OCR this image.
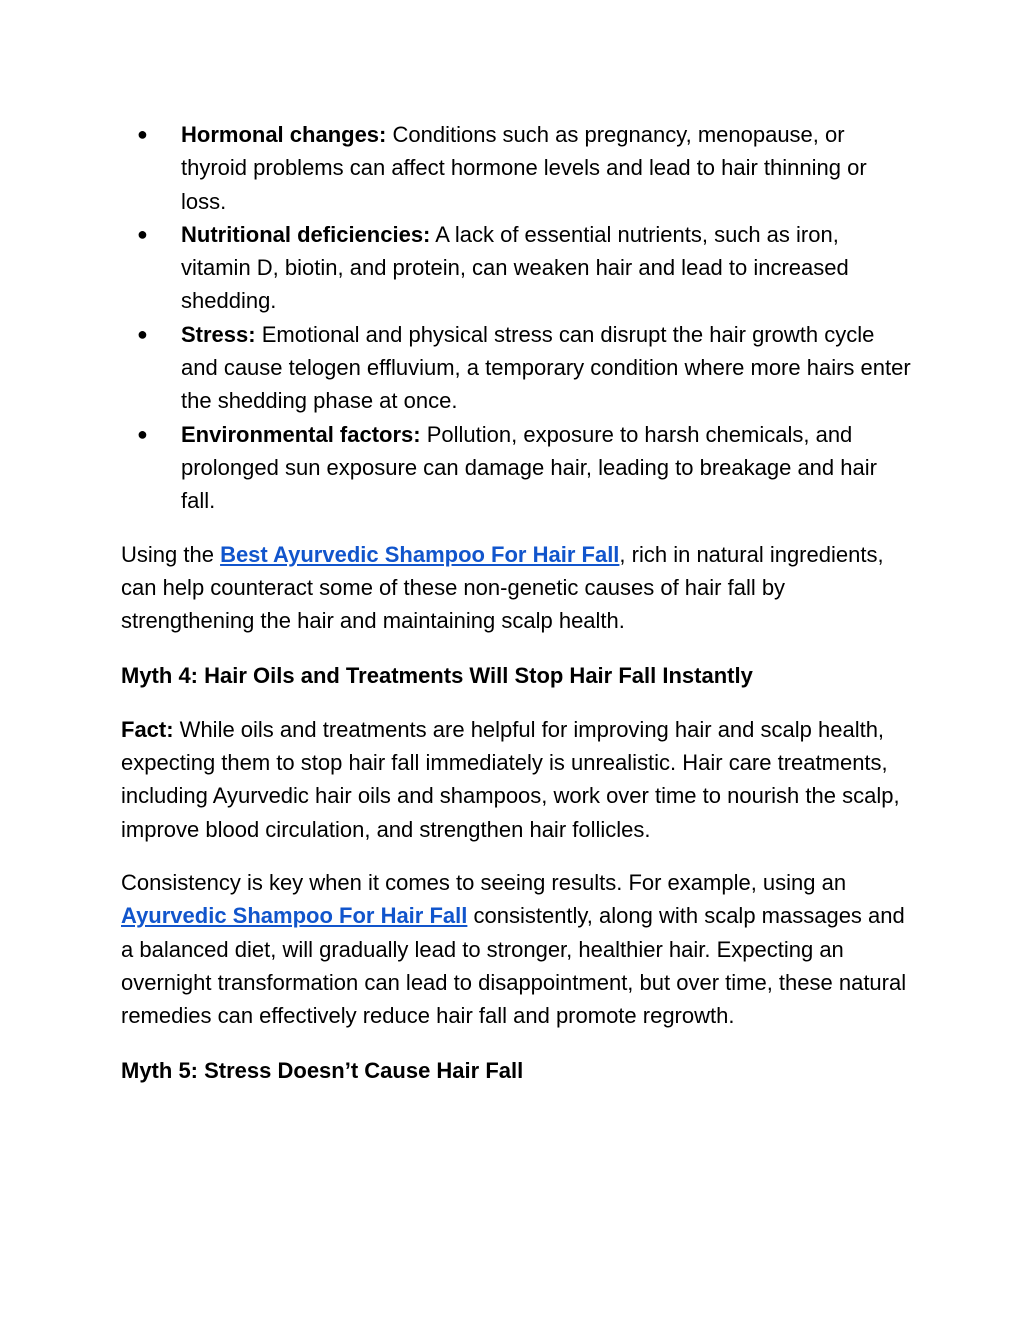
● Hormonal changes: Conditions such as pregnancy, menopause, or thyroid problems can affect hormone levels and lead to hair thinning or loss.
● Nutritional deficiencies: A lack of essential nutrients, such as iron, vitamin D, biotin, and protein, can weaken hair and lead to increased shedding.
● Stress: Emotional and physical stress can disrupt the hair growth cycle and cause telogen effluvium, a temporary condition where more hairs enter the shedding phase at once.
● Environmental factors: Pollution, exposure to harsh chemicals, and prolonged sun exposure can damage hair, leading to breakage and hair fall.

Using the Best Ayurvedic Shampoo For Hair Fall, rich in natural ingredients, can help counteract some of these non-genetic causes of hair fall by strengthening the hair and maintaining scalp health.

Myth 4: Hair Oils and Treatments Will Stop Hair Fall Instantly

Fact: While oils and treatments are helpful for improving hair and scalp health, expecting them to stop hair fall immediately is unrealistic. Hair care treatments, including Ayurvedic hair oils and shampoos, work over time to nourish the scalp, improve blood circulation, and strengthen hair follicles.

Consistency is key when it comes to seeing results. For example, using an Ayurvedic Shampoo For Hair Fall consistently, along with scalp massages and a balanced diet, will gradually lead to stronger, healthier hair. Expecting an overnight transformation can lead to disappointment, but over time, these natural remedies can effectively reduce hair fall and promote regrowth.

Myth 5: Stress Doesn’t Cause Hair Fall
